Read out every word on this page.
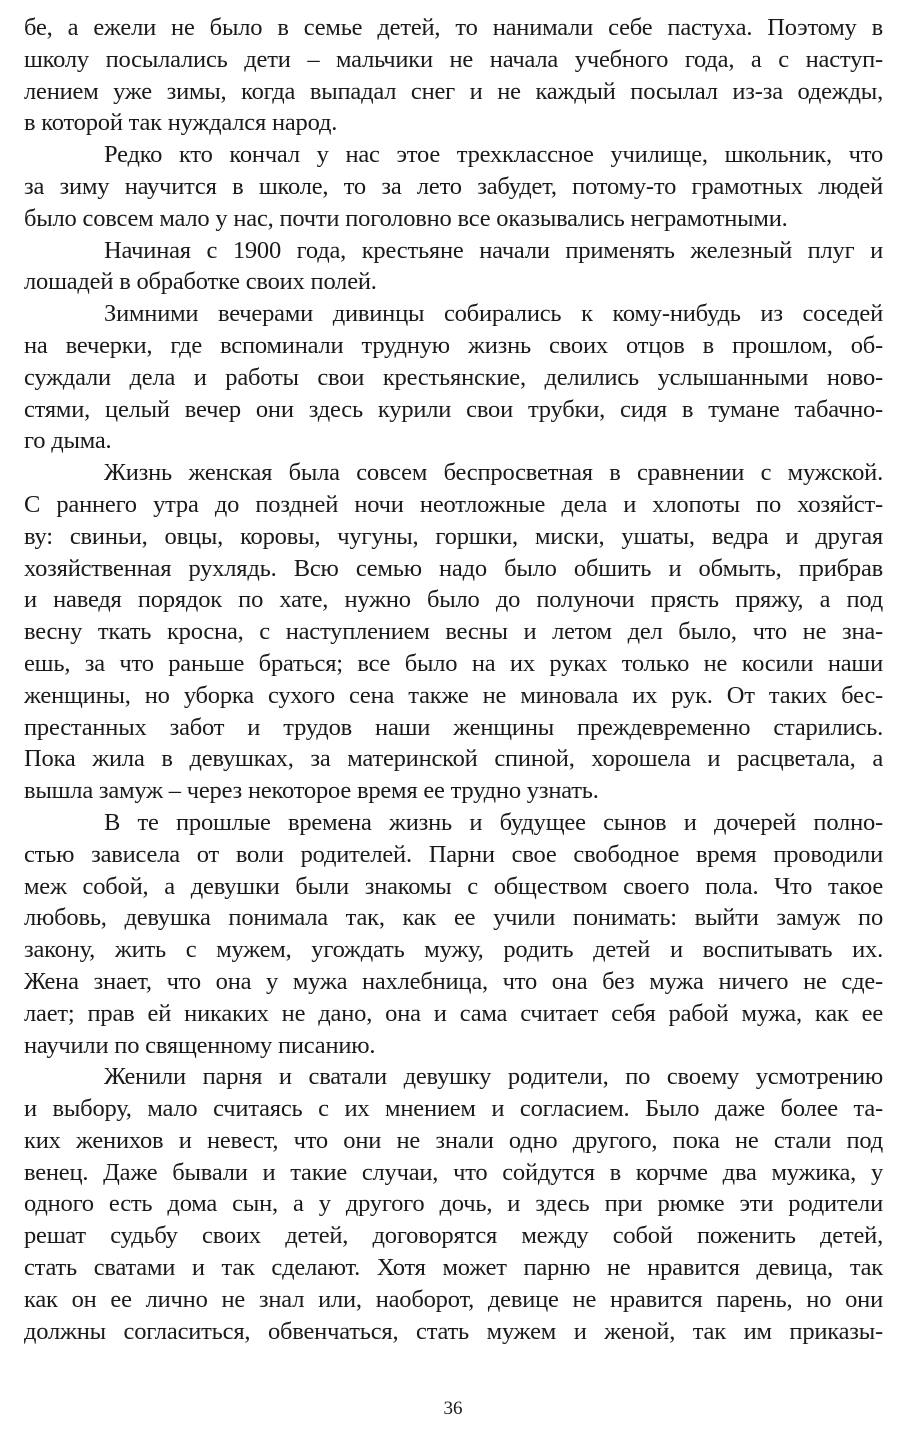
бе, а ежели не было в семье детей, то нанимали себе пастуха. Поэтому в
школу посылались дети – мальчики не начала учебного года, а с наступ-
лением уже зимы, когда выпадал снег и не каждый посылал из-за одежды,
в которой так нуждался народ.
Редко кто кончал у нас этое трехклассное училище, школьник, что
за зиму научится в школе, то за лето забудет, потому-то грамотных людей
было совсем мало у нас, почти поголовно все оказывались неграмотными.
Начиная с 1900 года, крестьяне начали применять железный плуг и
лошадей в обработке своих полей.
Зимними вечерами дивинцы собирались к кому-нибудь из соседей
на вечерки, где вспоминали трудную жизнь своих отцов в прошлом, об-
суждали дела и работы свои крестьянские, делились услышанными ново-
стями, целый вечер они здесь курили свои трубки, сидя в тумане табачно-
го дыма.
Жизнь женская была совсем беспросветная в сравнении с мужской.
С раннего утра до поздней ночи неотложные дела и хлопоты по хозяйст-
ву: свиньи, овцы, коровы, чугуны, горшки, миски, ушаты, ведра и другая
хозяйственная рухлядь. Всю семью надо было обшить и обмыть, прибрав
и наведя порядок по хате, нужно было до полуночи прясть пряжу, а под
весну ткать кросна, с наступлением весны и летом дел было, что не зна-
ешь, за что раньше браться; все было на их руках только не косили наши
женщины, но уборка сухого сена также не миновала их рук. От таких бес-
престанных забот и трудов наши женщины преждевременно старились.
Пока жила в девушках, за материнской спиной, хорошела и расцветала, а
вышла замуж – через некоторое время ее трудно узнать.
В те прошлые времена жизнь и будущее сынов и дочерей полно-
стью зависела от воли родителей. Парни свое свободное время проводили
меж собой, а девушки были знакомы с обществом своего пола. Что такое
любовь, девушка понимала так, как ее учили понимать: выйти замуж по
закону, жить с мужем, угождать мужу, родить детей и воспитывать их.
Жена знает, что она у мужа нахлебница, что она без мужа ничего не сде-
лает; прав ей никаких не дано, она и сама считает себя рабой мужа, как ее
научили по священному писанию.
Женили парня и сватали девушку родители, по своему усмотрению
и выбору, мало считаясь с их мнением и согласием. Было даже более та-
ких женихов и невест, что они не знали одно другого, пока не стали под
венец. Даже бывали и такие случаи, что сойдутся в корчме два мужика, у
одного есть дома сын, а у другого дочь, и здесь при рюмке эти родители
решат судьбу своих детей, договорятся между собой поженить детей,
стать сватами и так сделают. Хотя может парню не нравится девица, так
как он ее лично не знал или, наоборот, девице не нравится парень, но они
должны согласиться, обвенчаться, стать мужем и женой, так им приказы-
36
